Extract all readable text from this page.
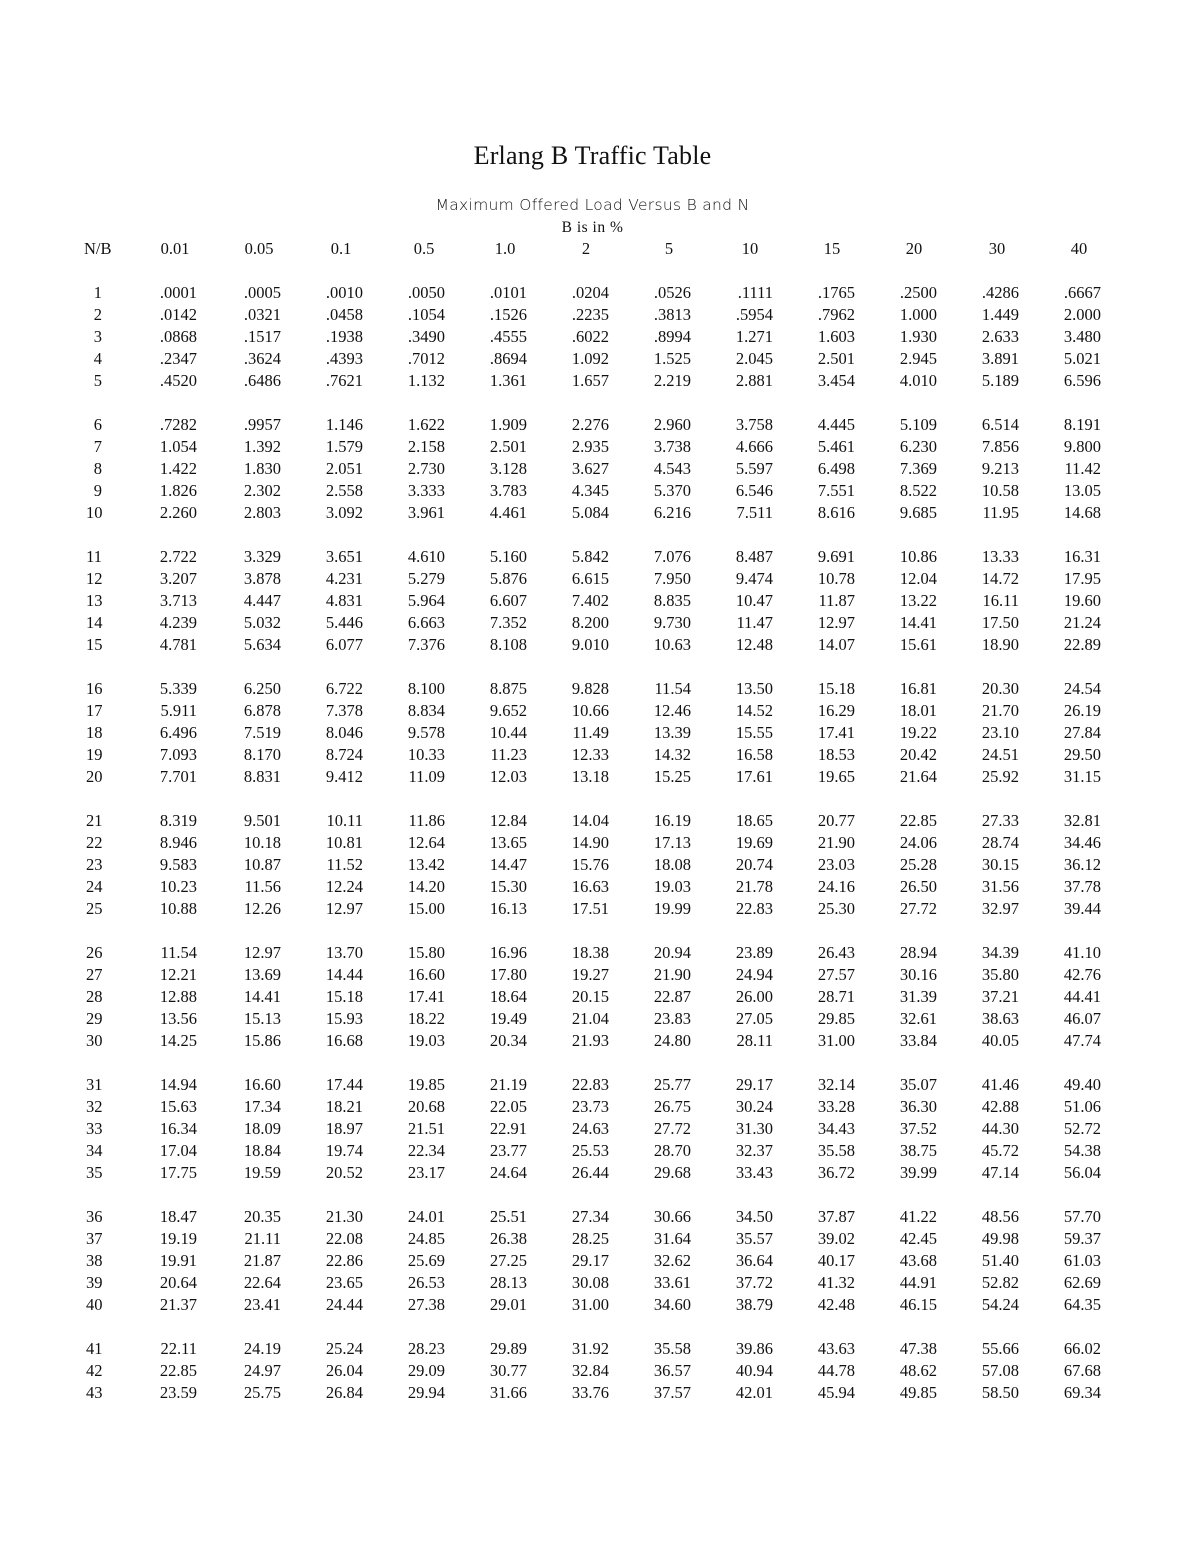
Erlang B Traffic Table
Maximum Offered Load Versus B and N
B is in %
N/B	0.01	0.05	0.1	0.5	1.0	2	5	10	15	20	30	40
1	.0001	.0005	.0010	.0050	.0101	.0204	.0526	.1111	.1765	.2500	.4286	.6667
2	.0142	.0321	.0458	.1054	.1526	.2235	.3813	.5954	.7962	1.000	1.449	2.000
3	.0868	.1517	.1938	.3490	.4555	.6022	.8994	1.271	1.603	1.930	2.633	3.480
4	.2347	.3624	.4393	.7012	.8694	1.092	1.525	2.045	2.501	2.945	3.891	5.021
5	.4520	.6486	.7621	1.132	1.361	1.657	2.219	2.881	3.454	4.010	5.189	6.596
6	.7282	.9957	1.146	1.622	1.909	2.276	2.960	3.758	4.445	5.109	6.514	8.191
7	1.054	1.392	1.579	2.158	2.501	2.935	3.738	4.666	5.461	6.230	7.856	9.800
8	1.422	1.830	2.051	2.730	3.128	3.627	4.543	5.597	6.498	7.369	9.213	11.42
9	1.826	2.302	2.558	3.333	3.783	4.345	5.370	6.546	7.551	8.522	10.58	13.05
10	2.260	2.803	3.092	3.961	4.461	5.084	6.216	7.511	8.616	9.685	11.95	14.68
11	2.722	3.329	3.651	4.610	5.160	5.842	7.076	8.487	9.691	10.86	13.33	16.31
12	3.207	3.878	4.231	5.279	5.876	6.615	7.950	9.474	10.78	12.04	14.72	17.95
13	3.713	4.447	4.831	5.964	6.607	7.402	8.835	10.47	11.87	13.22	16.11	19.60
14	4.239	5.032	5.446	6.663	7.352	8.200	9.730	11.47	12.97	14.41	17.50	21.24
15	4.781	5.634	6.077	7.376	8.108	9.010	10.63	12.48	14.07	15.61	18.90	22.89
16	5.339	6.250	6.722	8.100	8.875	9.828	11.54	13.50	15.18	16.81	20.30	24.54
17	5.911	6.878	7.378	8.834	9.652	10.66	12.46	14.52	16.29	18.01	21.70	26.19
18	6.496	7.519	8.046	9.578	10.44	11.49	13.39	15.55	17.41	19.22	23.10	27.84
19	7.093	8.170	8.724	10.33	11.23	12.33	14.32	16.58	18.53	20.42	24.51	29.50
20	7.701	8.831	9.412	11.09	12.03	13.18	15.25	17.61	19.65	21.64	25.92	31.15
21	8.319	9.501	10.11	11.86	12.84	14.04	16.19	18.65	20.77	22.85	27.33	32.81
22	8.946	10.18	10.81	12.64	13.65	14.90	17.13	19.69	21.90	24.06	28.74	34.46
23	9.583	10.87	11.52	13.42	14.47	15.76	18.08	20.74	23.03	25.28	30.15	36.12
24	10.23	11.56	12.24	14.20	15.30	16.63	19.03	21.78	24.16	26.50	31.56	37.78
25	10.88	12.26	12.97	15.00	16.13	17.51	19.99	22.83	25.30	27.72	32.97	39.44
26	11.54	12.97	13.70	15.80	16.96	18.38	20.94	23.89	26.43	28.94	34.39	41.10
27	12.21	13.69	14.44	16.60	17.80	19.27	21.90	24.94	27.57	30.16	35.80	42.76
28	12.88	14.41	15.18	17.41	18.64	20.15	22.87	26.00	28.71	31.39	37.21	44.41
29	13.56	15.13	15.93	18.22	19.49	21.04	23.83	27.05	29.85	32.61	38.63	46.07
30	14.25	15.86	16.68	19.03	20.34	21.93	24.80	28.11	31.00	33.84	40.05	47.74
31	14.94	16.60	17.44	19.85	21.19	22.83	25.77	29.17	32.14	35.07	41.46	49.40
32	15.63	17.34	18.21	20.68	22.05	23.73	26.75	30.24	33.28	36.30	42.88	51.06
33	16.34	18.09	18.97	21.51	22.91	24.63	27.72	31.30	34.43	37.52	44.30	52.72
34	17.04	18.84	19.74	22.34	23.77	25.53	28.70	32.37	35.58	38.75	45.72	54.38
35	17.75	19.59	20.52	23.17	24.64	26.44	29.68	33.43	36.72	39.99	47.14	56.04
36	18.47	20.35	21.30	24.01	25.51	27.34	30.66	34.50	37.87	41.22	48.56	57.70
37	19.19	21.11	22.08	24.85	26.38	28.25	31.64	35.57	39.02	42.45	49.98	59.37
38	19.91	21.87	22.86	25.69	27.25	29.17	32.62	36.64	40.17	43.68	51.40	61.03
39	20.64	22.64	23.65	26.53	28.13	30.08	33.61	37.72	41.32	44.91	52.82	62.69
40	21.37	23.41	24.44	27.38	29.01	31.00	34.60	38.79	42.48	46.15	54.24	64.35
41	22.11	24.19	25.24	28.23	29.89	31.92	35.58	39.86	43.63	47.38	55.66	66.02
42	22.85	24.97	26.04	29.09	30.77	32.84	36.57	40.94	44.78	48.62	57.08	67.68
43	23.59	25.75	26.84	29.94	31.66	33.76	37.57	42.01	45.94	49.85	58.50	69.34
